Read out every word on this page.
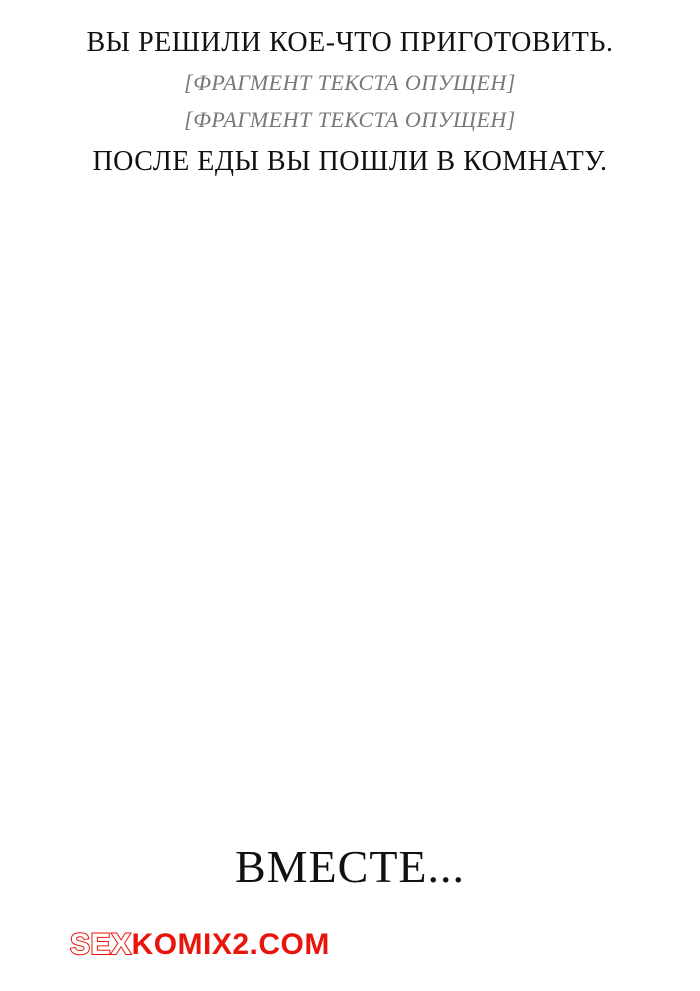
ВЫ РЕШИЛИ КОЕ-ЧТО ПРИГОТОВИТЬ.

[ФРАГМЕНТ ТЕКСТА ОПУЩЕН]

[ФРАГМЕНТ ТЕКСТА ОПУЩЕН]

ПОСЛЕ ЕДЫ ВЫ ПОШЛИ В КОМНАТУ.

ВМЕСТЕ...
SEXKOMIX2.COM
